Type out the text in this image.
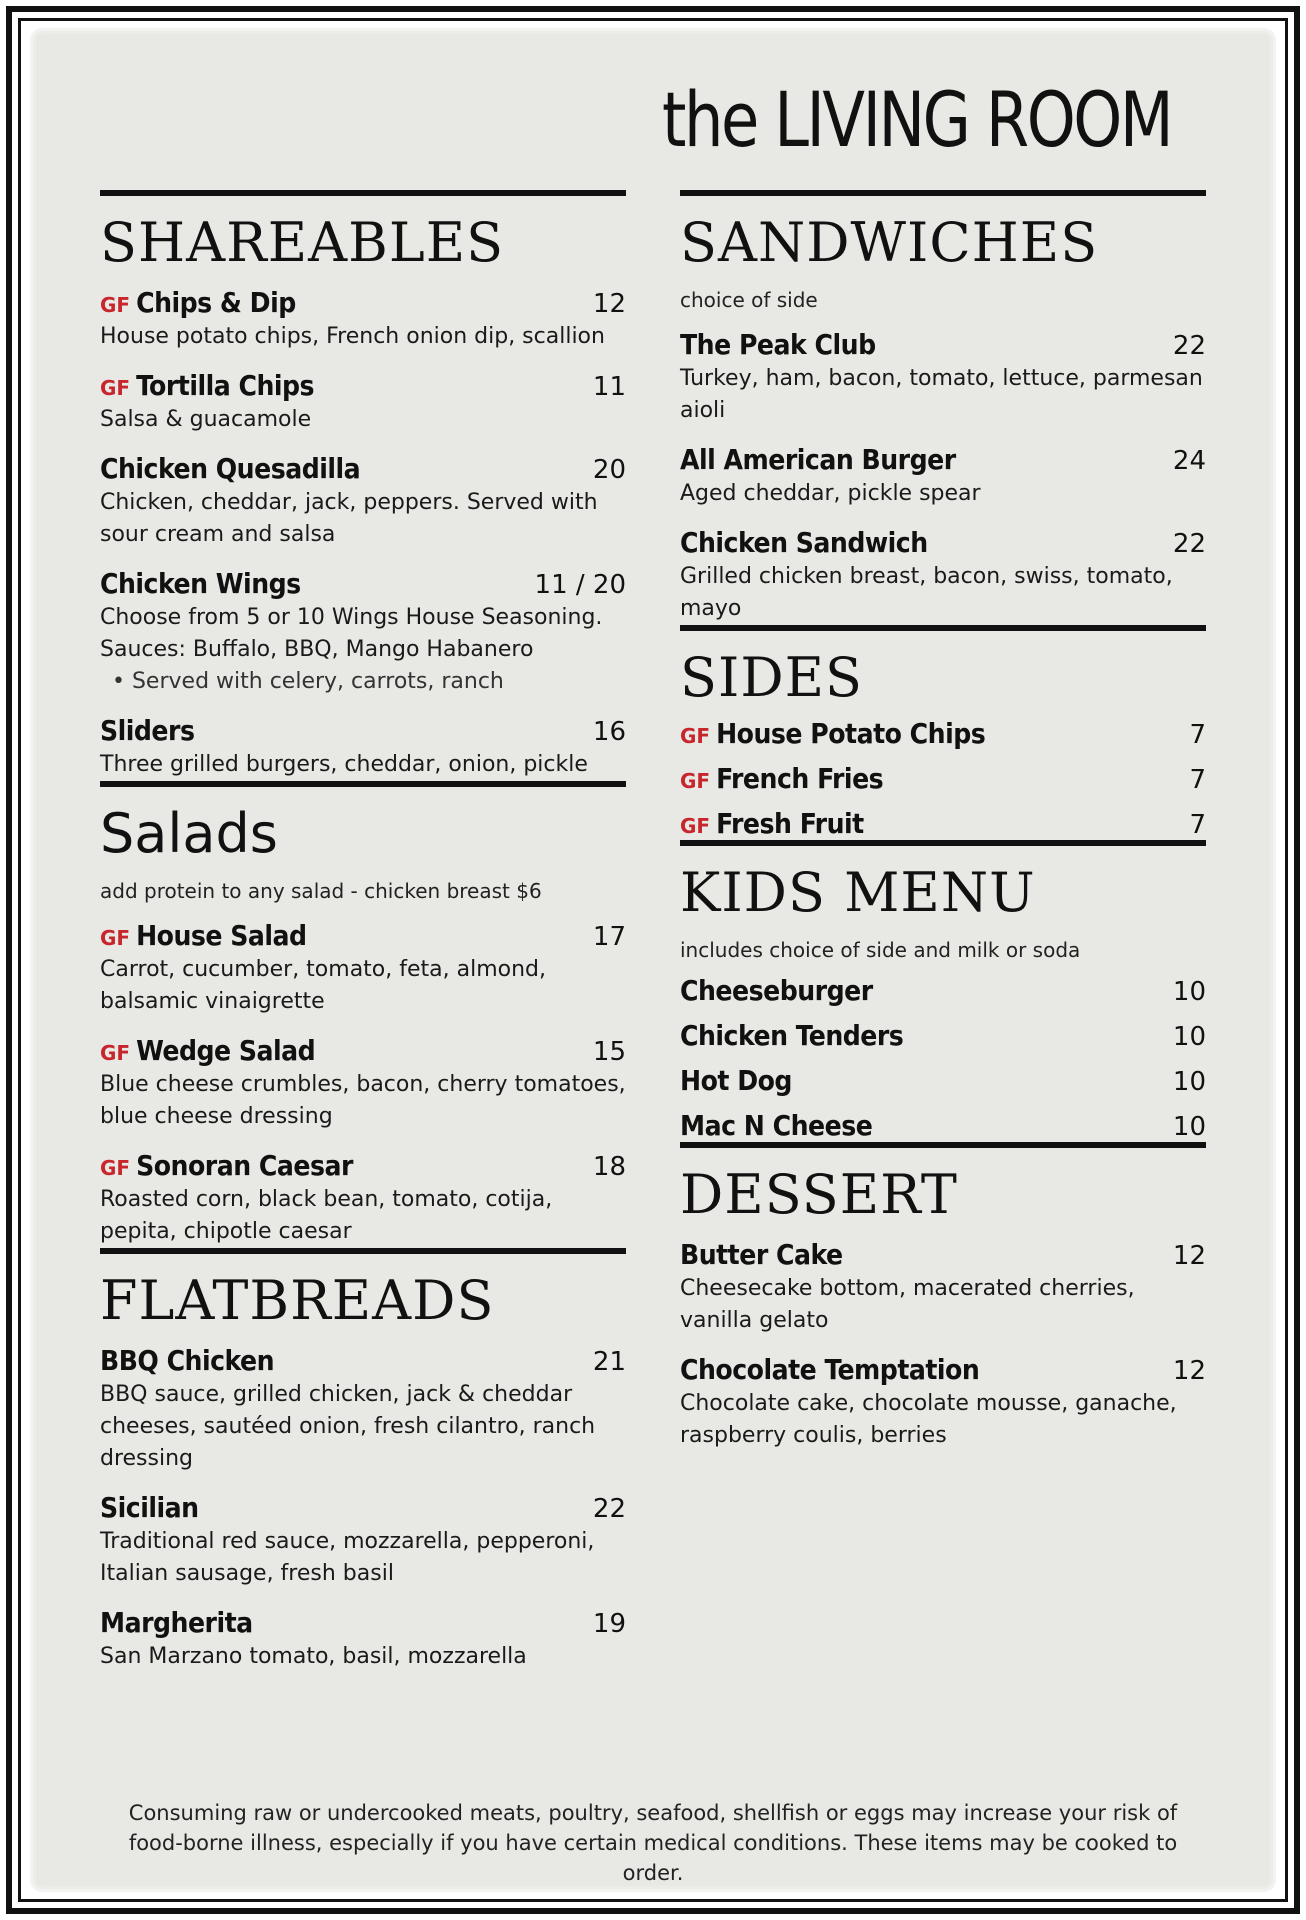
the LIVING ROOM
SHAREABLES
GF Chips & Dip	12
House potato chips, French onion dip, scallion
GF Tortilla Chips	11
Salsa & guacamole
Chicken Quesadilla	20
Chicken, cheddar, jack, peppers. Served with sour cream and salsa
Chicken Wings	11 / 20
Choose from 5 or 10 Wings House Seasoning. Sauces: Buffalo, BBQ, Mango Habanero
• Served with celery, carrots, ranch
Sliders	16
Three grilled burgers, cheddar, onion, pickle
Salads
add protein to any salad - chicken breast $6
GF House Salad	17
Carrot, cucumber, tomato, feta, almond, balsamic vinaigrette
GF Wedge Salad	15
Blue cheese crumbles, bacon, cherry tomatoes, blue cheese dressing
GF Sonoran Caesar	18
Roasted corn, black bean, tomato, cotija, pepita, chipotle caesar
FLATBREADS
BBQ Chicken	21
BBQ sauce, grilled chicken, jack & cheddar cheeses, sautéed onion, fresh cilantro, ranch dressing
Sicilian	22
Traditional red sauce, mozzarella, pepperoni, Italian sausage, fresh basil
Margherita	19
San Marzano tomato, basil, mozzarella
SANDWICHES
choice of side
The Peak Club	22
Turkey, ham, bacon, tomato, lettuce, parmesan aioli
All American Burger	24
Aged cheddar, pickle spear
Chicken Sandwich	22
Grilled chicken breast, bacon, swiss, tomato, mayo
SIDES
GF House Potato Chips	7
GF French Fries	7
GF Fresh Fruit	7
KIDS MENU
includes choice of side and milk or soda
Cheeseburger	10
Chicken Tenders	10
Hot Dog	10
Mac N Cheese	10
DESSERT
Butter Cake	12
Cheesecake bottom, macerated cherries, vanilla gelato
Chocolate Temptation	12
Chocolate cake, chocolate mousse, ganache, raspberry coulis, berries
Consuming raw or undercooked meats, poultry, seafood, shellfish or eggs may increase your risk of food-borne illness, especially if you have certain medical conditions. These items may be cooked to order.
